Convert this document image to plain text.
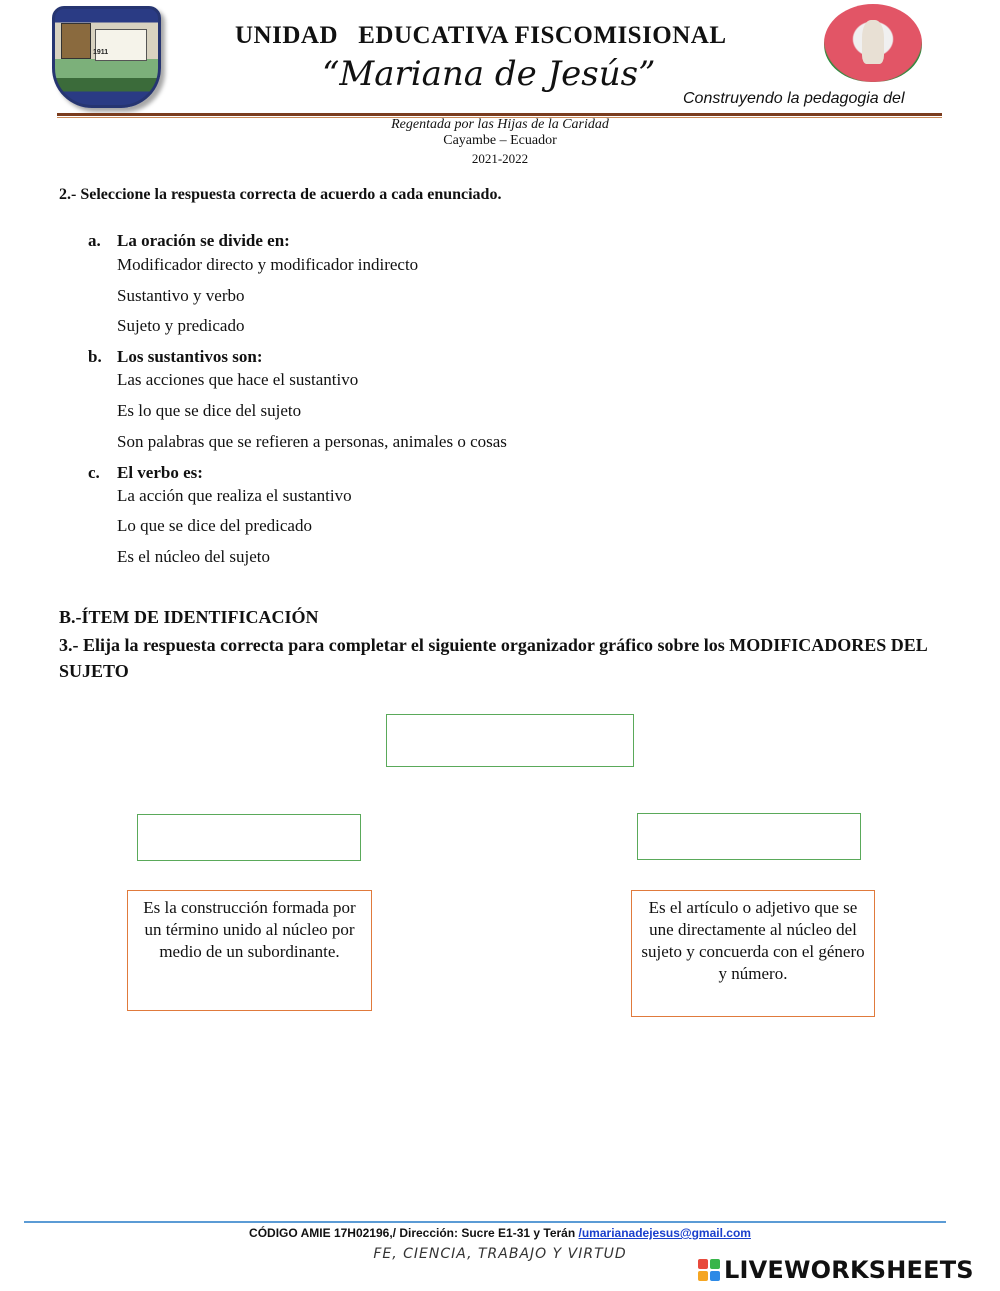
1911
UNIDAD   EDUCATIVA FISCOMISIONAL
“Mariana de Jesús”
Construyendo la pedagogia del
Regentada por las Hijas de la Caridad
Cayambe – Ecuador
2021-2022
2.- Seleccione la respuesta correcta de acuerdo a cada enunciado.
a. La oración se divide en:
Modificador directo y modificador indirecto
Sustantivo y verbo
Sujeto y predicado
b. Los sustantivos son:
Las acciones que hace el sustantivo
Es lo que se dice del sujeto
Son palabras que se refieren a personas, animales o cosas
c. El verbo es:
La acción que realiza el sustantivo
Lo que se dice del predicado
Es el núcleo del sujeto
B.-ÍTEM DE IDENTIFICACIÓN
3.- Elija la respuesta correcta para completar el siguiente organizador gráfico sobre los MODIFICADORES DEL SUJETO
Es la construcción formada por un término unido al núcleo por medio de un subordinante.
Es el artículo o adjetivo que se une directamente al núcleo del sujeto y concuerda con el género y número.
CÓDIGO AMIE 17H02196,/ Dirección: Sucre E1-31 y Terán /umarianadejesus@gmail.com
FE, CIENCIA, TRABAJO Y VIRTUD
LIVEWORKSHEETS
